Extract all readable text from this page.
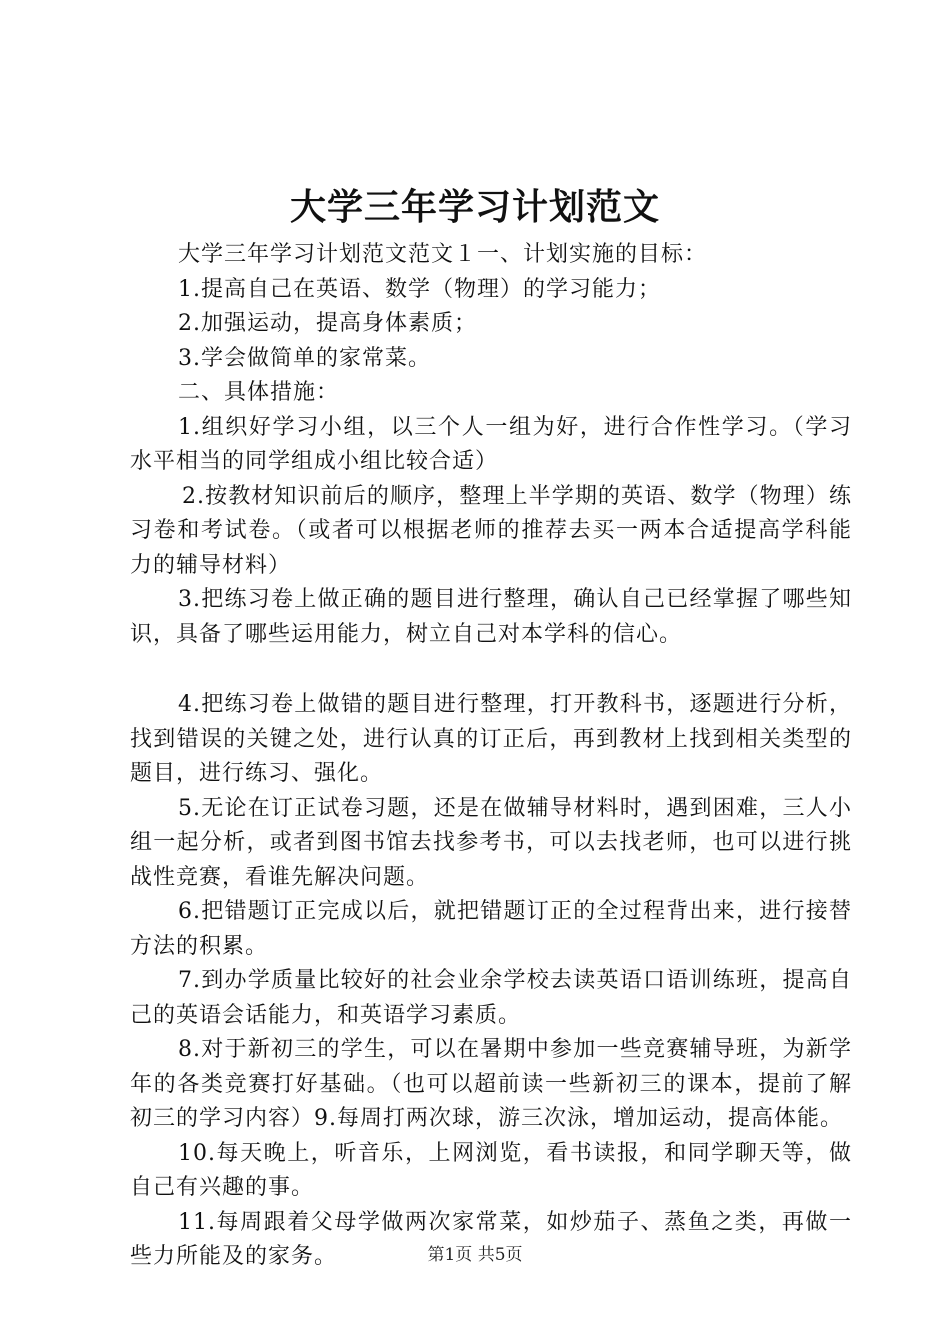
大学三年学习计划范文

大学三年学习计划范文范文１一、计划实施的目标：

1.提高自己在英语、数学（物理）的学习能力；

2.加强运动，提高身体素质；

3.学会做简单的家常菜。

二、具体措施：

1.组织好学习小组，以三个人一组为好，进行合作性学习。（学习水平相当的同学组成小组比较合适）

2.按教材知识前后的顺序，整理上半学期的英语、数学（物理）练习卷和考试卷。（或者可以根据老师的推荐去买一两本合适提高学科能力的辅导材料）

3.把练习卷上做正确的题目进行整理，确认自己已经掌握了哪些知识，具备了哪些运用能力，树立自己对本学科的信心。

4.把练习卷上做错的题目进行整理，打开教科书，逐题进行分析，找到错误的关键之处，进行认真的订正后，再到教材上找到相关类型的题目，进行练习、强化。

5.无论在订正试卷习题，还是在做辅导材料时，遇到困难，三人小组一起分析，或者到图书馆去找参考书，可以去找老师，也可以进行挑战性竞赛，看谁先解决问题。

6.把错题订正完成以后，就把错题订正的全过程背出来，进行接替方法的积累。

7.到办学质量比较好的社会业余学校去读英语口语训练班，提高自己的英语会话能力，和英语学习素质。

8.对于新初三的学生，可以在暑期中参加一些竞赛辅导班，为新学年的各类竞赛打好基础。（也可以超前读一些新初三的课本，提前了解初三的学习内容）9.每周打两次球，游三次泳，增加运动，提高体能。

10.每天晚上，听音乐，上网浏览，看书读报，和同学聊天等，做自己有兴趣的事。

11.每周跟着父母学做两次家常菜，如炒茄子、蒸鱼之类，再做一些力所能及的家务。	第1页 共5页
